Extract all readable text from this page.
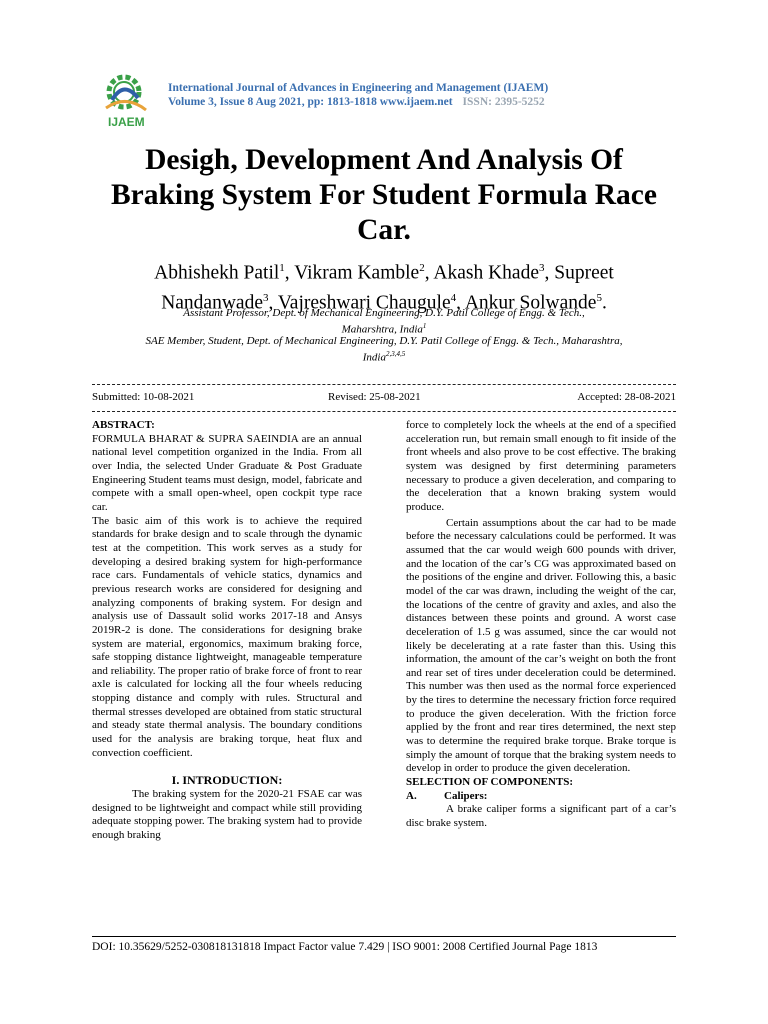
IJAEM
International Journal of Advances in Engineering and Management (IJAEM)
Volume 3, Issue 8 Aug 2021, pp: 1813-1818 www.ijaem.net ISSN: 2395-5252
Desigh, Development And Analysis Of
Braking System For Student Formula Race
Car.
Abhishekh Patil$^1$, Vikram Kamble$^2$, Akash Khade$^3$, Supreet
Nandanwade$^3$, Vajreshwari Chaugule$^4$, Ankur Solwande$^5$.
Assistant Professor, Dept. of Mechanical Engineering, D.Y. Patil College of Engg. & Tech.,
Maharshtra, India$^1$
SAE Member, Student, Dept. of Mechanical Engineering, D.Y. Patil College of Engg. & Tech., Maharashtra,
India$^{2,3,4,5}$
Submitted: 10-08-2021	Revised: 25-08-2021	Accepted: 28-08-2021

ABSTRACT:

FORMULA BHARAT & SUPRA SAEINDIA are an annual national level competition organized in the India. From all over India, the selected Under Graduate & Post Graduate Engineering Student teams must design, model, fabricate and compete with a small open-wheel, open cockpit type race car.

The basic aim of this work is to achieve the required standards for brake design and to scale through the dynamic test at the competition. This work serves as a study for developing a desired braking system for high-performance race cars. Fundamentals of vehicle statics, dynamics and previous research works are considered for designing and analyzing components of braking system. For design and analysis use of Dassault solid works 2017-18 and Ansys 2019R-2 is done. The considerations for designing brake system are material, ergonomics, maximum braking force, safe stopping distance lightweight, manageable temperature and reliability. The proper ratio of brake force of front to rear axle is calculated for locking all the four wheels reducing stopping distance and comply with rules. Structural and thermal stresses developed are obtained from static structural and steady state thermal analysis. The boundary conditions used for the analysis are braking torque, heat flux and convection coefficient.

I. INTRODUCTION:

The braking system for the 2020-21 FSAE car was designed to be lightweight and compact while still providing adequate stopping power. The braking system had to provide enough braking

force to completely lock the wheels at the end of a specified acceleration run, but remain small enough to fit inside of the front wheels and also prove to be cost effective. The braking system was designed by first determining parameters necessary to produce a given deceleration, and comparing to the deceleration that a known braking system would produce.

Certain assumptions about the car had to be made before the necessary calculations could be performed. It was assumed that the car would weigh 600 pounds with driver, and the location of the car’s CG was approximated based on the positions of the engine and driver. Following this, a basic model of the car was drawn, including the weight of the car, the locations of the centre of gravity and axles, and also the distances between these points and ground. A worst case deceleration of 1.5 g was assumed, since the car would not likely be decelerating at a rate faster than this. Using this information, the amount of the car’s weight on both the front and rear set of tires under deceleration could be determined. This number was then used as the normal force experienced by the tires to determine the necessary friction force required to produce the given deceleration. With the friction force applied by the front and rear tires determined, the next step was to determine the required brake torque. Brake torque is simply the amount of torque that the braking system needs to develop in order to produce the given deceleration.

SELECTION OF COMPONENTS:

A. Calipers:

A brake caliper forms a significant part of a car’s disc brake system.

DOI: 10.35629/5252-030818131818 Impact Factor value 7.429 | ISO 9001: 2008 Certified Journal Page 1813
